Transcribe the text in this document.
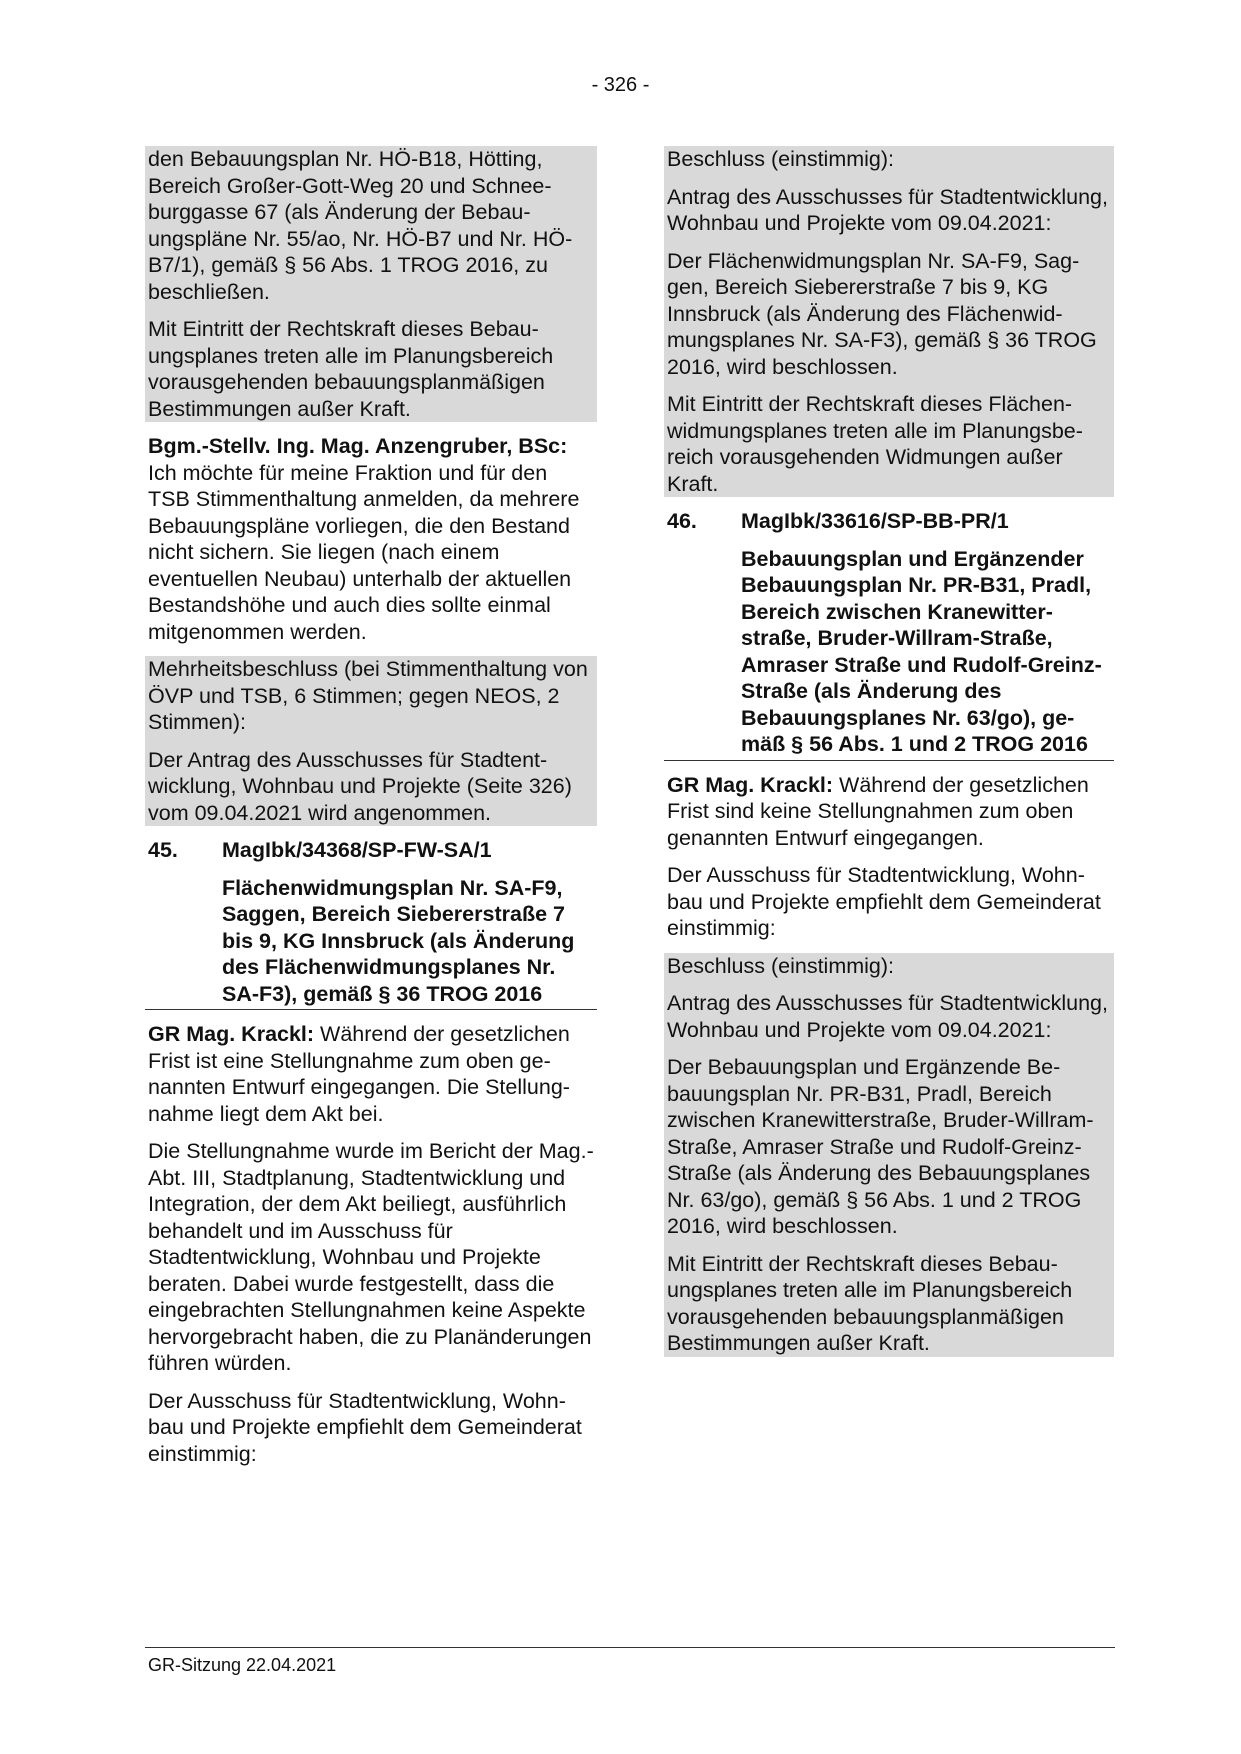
- 326 -

den Bebauungsplan Nr. HÖ-B18, Hötting, Bereich Großer-Gott-Weg 20 und Schneeburggasse 67 (als Änderung der Bebauungspläne Nr. 55/ao, Nr. HÖ-B7 und Nr. HÖ-B7/1), gemäß § 56 Abs. 1 TROG 2016, zu beschließen.

Mit Eintritt der Rechtskraft dieses Bebauungsplanes treten alle im Planungsbereich vorausgehenden bebauungsplanmäßigen Bestimmungen außer Kraft.

Bgm.-Stellv. Ing. Mag. Anzengruber, BSc: Ich möchte für meine Fraktion und für den TSB Stimmenthaltung anmelden, da mehrere Bebauungspläne vorliegen, die den Bestand nicht sichern. Sie liegen (nach einem eventuellen Neubau) unterhalb der aktuellen Bestandshöhe und auch dies sollte einmal mitgenommen werden.

Mehrheitsbeschluss (bei Stimmenthaltung von ÖVP und TSB, 6 Stimmen; gegen NEOS, 2 Stimmen):

Der Antrag des Ausschusses für Stadtentwicklung, Wohnbau und Projekte (Seite 326) vom 09.04.2021 wird angenommen.

45.	MagIbk/34368/SP-FW-SA/1
Flächenwidmungsplan Nr. SA-F9, Saggen, Bereich Siebererstraße 7 bis 9, KG Innsbruck (als Änderung des Flächenwidmungsplanes Nr. SA-F3), gemäß § 36 TROG 2016

GR Mag. Krackl: Während der gesetzlichen Frist ist eine Stellungnahme zum oben genannten Entwurf eingegangen. Die Stellungnahme liegt dem Akt bei.

Die Stellungnahme wurde im Bericht der Mag.-Abt. III, Stadtplanung, Stadtentwicklung und Integration, der dem Akt beiliegt, ausführlich behandelt und im Ausschuss für Stadtentwicklung, Wohnbau und Projekte beraten. Dabei wurde festgestellt, dass die eingebrachten Stellungnahmen keine Aspekte hervorgebracht haben, die zu Planänderungen führen würden.

Der Ausschuss für Stadtentwicklung, Wohnbau und Projekte empfiehlt dem Gemeinderat einstimmig:

Beschluss (einstimmig):

Antrag des Ausschusses für Stadtentwicklung, Wohnbau und Projekte vom 09.04.2021:

Der Flächenwidmungsplan Nr. SA-F9, Saggen, Bereich Siebererstraße 7 bis 9, KG Innsbruck (als Änderung des Flächenwidmungsplanes Nr. SA-F3), gemäß § 36 TROG 2016, wird beschlossen.

Mit Eintritt der Rechtskraft dieses Flächenwidmungsplanes treten alle im Planungsbereich vorausgehenden Widmungen außer Kraft.

46.	MagIbk/33616/SP-BB-PR/1
Bebauungsplan und Ergänzender Bebauungsplan Nr. PR-B31, Pradl, Bereich zwischen Kranewitterstraße, Bruder-Willram-Straße, Amraser Straße und Rudolf-Greinz-Straße (als Änderung des Bebauungsplanes Nr. 63/go), gemäß § 56 Abs. 1 und 2 TROG 2016

GR Mag. Krackl: Während der gesetzlichen Frist sind keine Stellungnahmen zum oben genannten Entwurf eingegangen.

Der Ausschuss für Stadtentwicklung, Wohnbau und Projekte empfiehlt dem Gemeinderat einstimmig:

Beschluss (einstimmig):

Antrag des Ausschusses für Stadtentwicklung, Wohnbau und Projekte vom 09.04.2021:

Der Bebauungsplan und Ergänzende Bebauungsplan Nr. PR-B31, Pradl, Bereich zwischen Kranewitterstraße, Bruder-Willram-Straße, Amraser Straße und Rudolf-Greinz-Straße (als Änderung des Bebauungsplanes Nr. 63/go), gemäß § 56 Abs. 1 und 2 TROG 2016, wird beschlossen.

Mit Eintritt der Rechtskraft dieses Bebauungsplanes treten alle im Planungsbereich vorausgehenden bebauungsplanmäßigen Bestimmungen außer Kraft.

GR-Sitzung 22.04.2021
